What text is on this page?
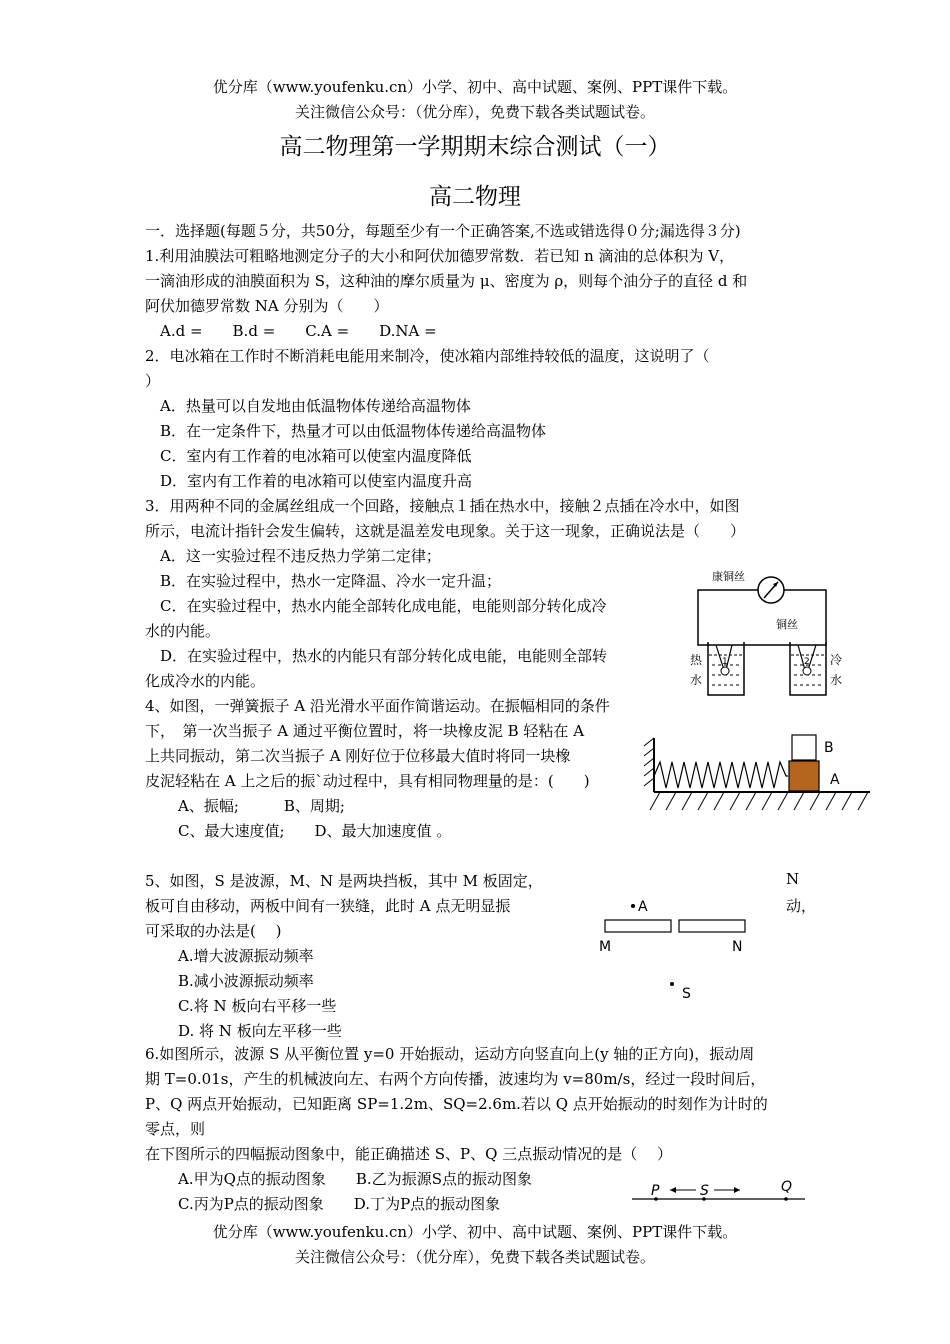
优分库（www.youfenku.cn）小学、初中、高中试题、案例、PPT课件下载。
关注微信公众号：（优分库），免费下载各类试题试卷。
高二物理第一学期期末综合测试（一）
高二物理
一．选择题(每题５分，共50分，每题至少有一个正确答案,不选或错选得０分;漏选得３分)
1.利用油膜法可粗略地测定分子的大小和阿伏加德罗常数．若已知 n 滴油的总体积为 V，
一滴油形成的油膜面积为 S，这种油的摩尔质量为 μ、密度为 ρ，则每个油分子的直径 d 和
阿伏加德罗常数 NA 分别为（　　）
A.d =　　B.d =　　C.A =　　D.NA =
2．电冰箱在工作时不断消耗电能用来制冷，使冰箱内部维持较低的温度，这说明了（
）
A．热量可以自发地由低温物体传递给高温物体
B．在一定条件下，热量才可以由低温物体传递给高温物体
C．室内有工作着的电冰箱可以使室内温度降低
D．室内有工作着的电冰箱可以使室内温度升高
3．用两种不同的金属丝组成一个回路，接触点１插在热水中，接触２点插在冷水中，如图
所示，电流计指针会发生偏转，这就是温差发电现象。关于这一现象，正确说法是（　　）
A．这一实验过程不违反热力学第二定律；
B．在实验过程中，热水一定降温、冷水一定升温；
C．在实验过程中，热水内能全部转化成电能，电能则部分转化成冷
水的内能。
D．在实验过程中，热水的内能只有部分转化成电能，电能则全部转
化成冷水的内能。
康铜丝
铜丝
1	2
热
水
冷
水
4、如图，一弹簧振子 A 沿光滑水平面作简谐运动。在振幅相同的条件
下，　第一次当振子 A 通过平衡位置时，将一块橡皮泥 B 轻粘在 A
上共同振动，第二次当振子 A 刚好位于位移最大值时将同一块橡
皮泥轻粘在 A 上之后的振`动过程中，具有相同物理量的是：(　　)
A、振幅;　　　B、周期;
C、最大速度值;　　D、最大加速度值 。
B
A
5、如图，S 是波源，M、N 是两块挡板，其中 M 板固定，	N
板可自由移动，两板中间有一狭缝，此时 A 点无明显振	动，
可采取的办法是(　 )
A.增大波源振动频率
B.减小波源振动频率
C.将 N 板向右平移一些
D. 将 N 板向左平移一些
A
M	N
S
6.如图所示，波源 S 从平衡位置 y=0 开始振动，运动方向竖直向上(y 轴的正方向)，振动周
期 T=0.01s，产生的机械波向左、右两个方向传播，波速均为 v=80m/s，经过一段时间后，
P、Q 两点开始振动，已知距离 SP=1.2m、SQ=2.6m.若以 Q 点开始振动的时刻作为计时的
零点，则
在下图所示的四幅振动图象中，能正确描述 S、P、Q 三点振动情况的是（　 ）
A.甲为Q点的振动图象　　B.乙为振源S点的振动图象
C.丙为P点的振动图象　　D.丁为P点的振动图象
P	S	Q
优分库（www.youfenku.cn）小学、初中、高中试题、案例、PPT课件下载。
关注微信公众号：（优分库），免费下载各类试题试卷。
